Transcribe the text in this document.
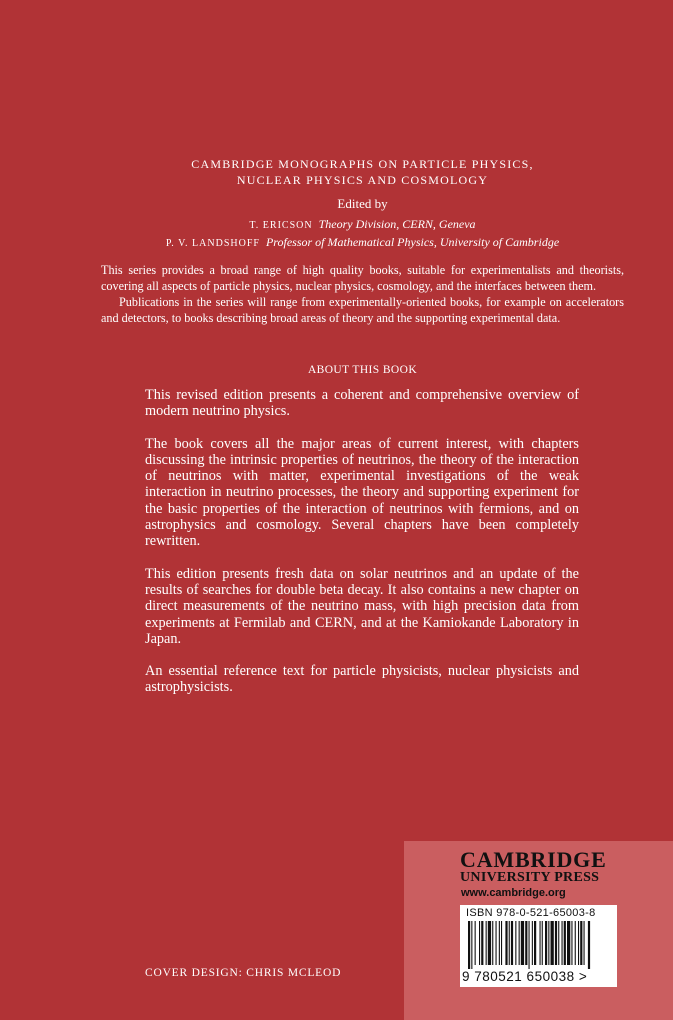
CAMBRIDGE MONOGRAPHS ON PARTICLE PHYSICS,
NUCLEAR PHYSICS AND COSMOLOGY
Edited by
T. ERICSON Theory Division, CERN, Geneva
P. V. LANDSHOFF Professor of Mathematical Physics, University of Cambridge

This series provides a broad range of high quality books, suitable for experimentalists and theorists, covering all aspects of particle physics, nuclear physics, cosmology, and the interfaces between them.

Publications in the series will range from experimentally-oriented books, for example on accelerators and detectors, to books describing broad areas of theory and the supporting experimental data.

ABOUT THIS BOOK

This revised edition presents a coherent and comprehensive overview of modern neutrino physics.

The book covers all the major areas of current interest, with chapters discussing the intrinsic properties of neutrinos, the theory of the interaction of neutrinos with matter, experimental investigations of the weak interaction in neutrino processes, the theory and supporting experiment for the basic properties of the interaction of neutrinos with fermions, and on astrophysics and cosmology. Several chapters have been completely rewritten.

This edition presents fresh data on solar neutrinos and an update of the results of searches for double beta decay. It also contains a new chapter on direct measurements of the neutrino mass, with high precision data from experiments at Fermilab and CERN, and at the Kamiokande Laboratory in Japan.

An essential reference text for particle physicists, nuclear physicists and astrophysicists.

COVER DESIGN: CHRIS MCLEOD
CAMBRIDGE
UNIVERSITY PRESS
www.cambridge.org
ISBN 978-0-521-65003-8
9 780521 650038 >
